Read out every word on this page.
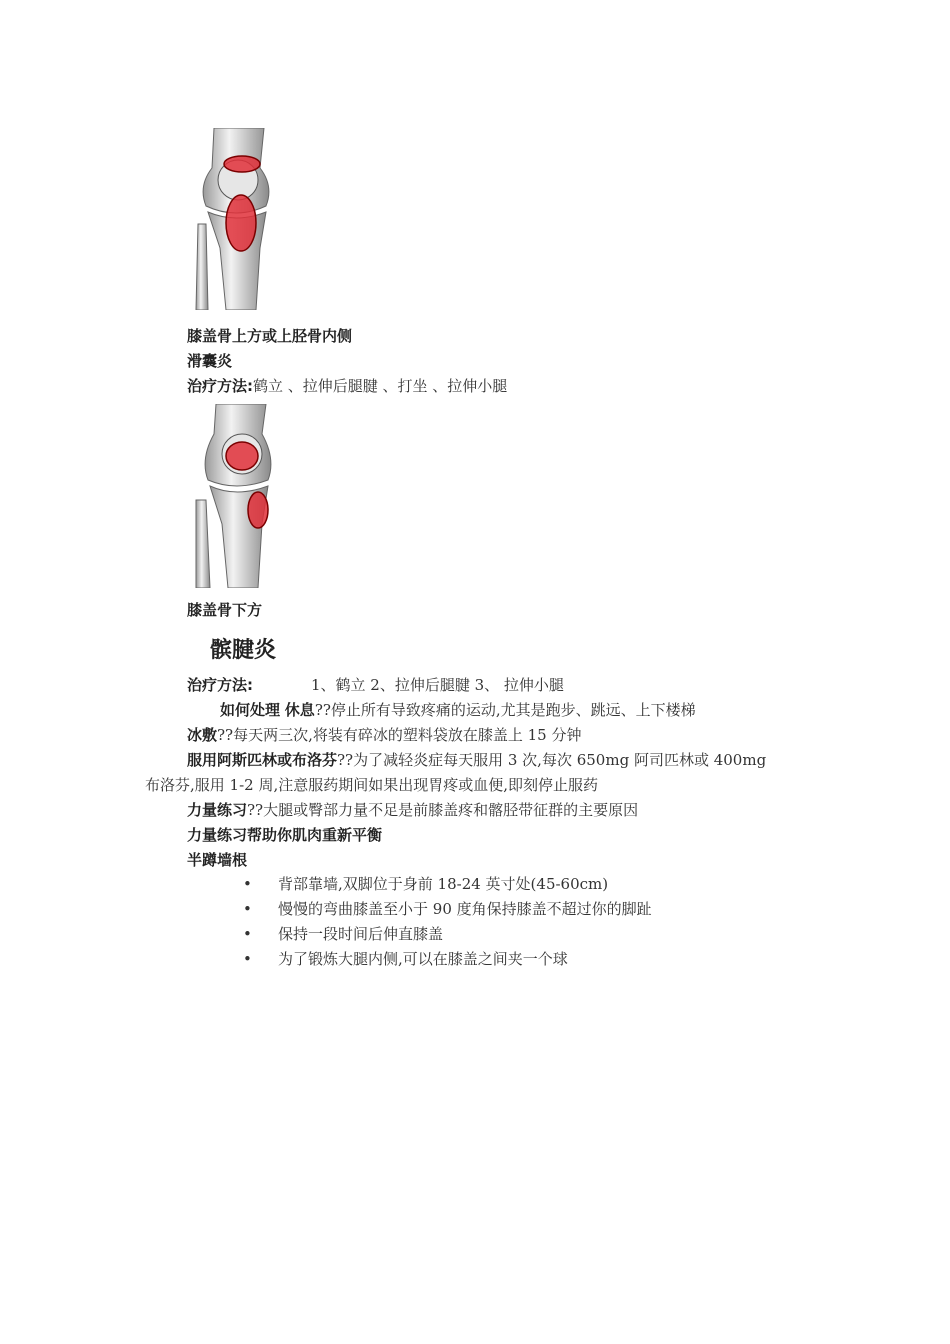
膝盖骨上方或上胫骨内侧
滑囊炎
治疗方法:鹤立 、拉伸后腿腱 、打坐 、拉伸小腿
膝盖骨下方
髌腱炎
治疗方法:	1、鹤立 2、拉伸后腿腱 3、 拉伸小腿
如何处理 休息??停止所有导致疼痛的运动,尤其是跑步、跳远、上下楼梯
冰敷??每天两三次,将装有碎冰的塑料袋放在膝盖上 15 分钟
服用阿斯匹林或布洛芬??为了减轻炎症每天服用 3 次,每次 650mg 阿司匹林或 400mg
布洛芬,服用 1-2 周,注意服药期间如果出现胃疼或血便,即刻停止服药
力量练习??大腿或臀部力量不足是前膝盖疼和髂胫带征群的主要原因
力量练习帮助你肌肉重新平衡
半蹲墙根
• 背部靠墙,双脚位于身前 18-24 英寸处(45-60cm)
• 慢慢的弯曲膝盖至小于 90 度角保持膝盖不超过你的脚趾
• 保持一段时间后伸直膝盖
• 为了锻炼大腿内侧,可以在膝盖之间夹一个球
